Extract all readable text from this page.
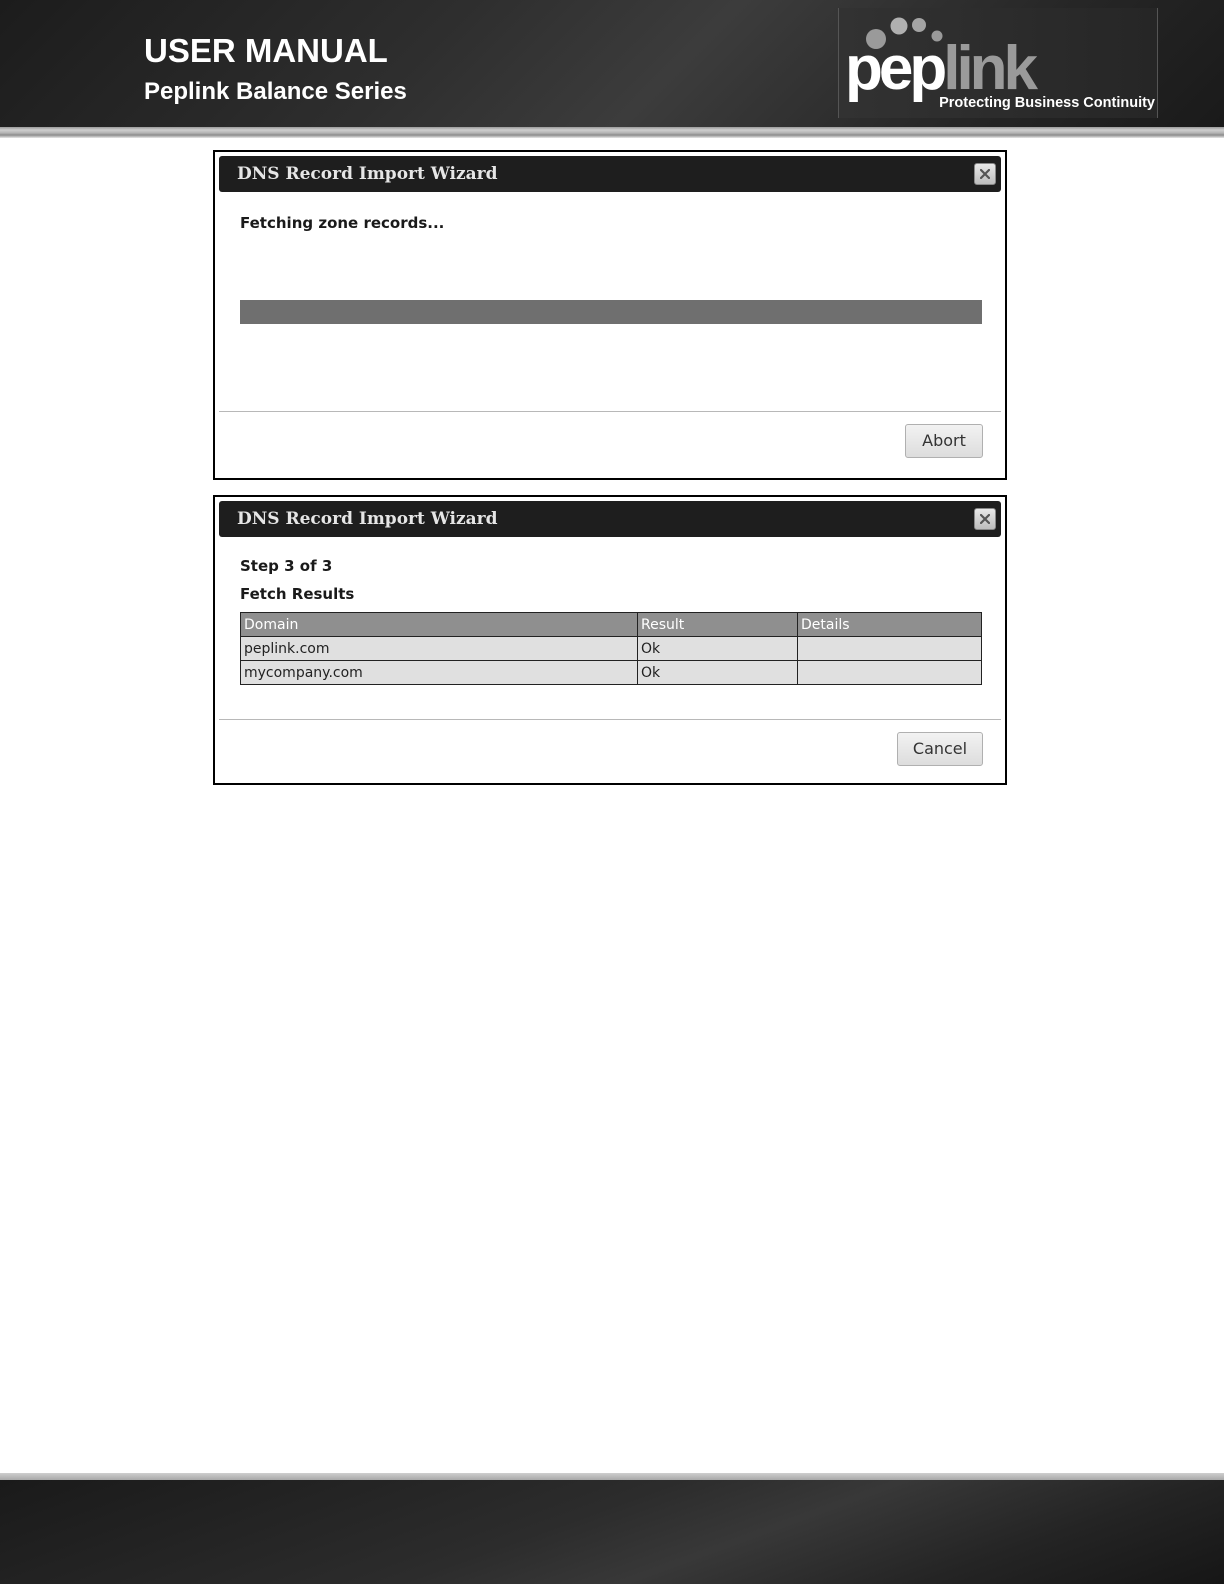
USER MANUAL
Peplink Balance Series	peplink
Protecting Business Continuity
DNS Record Import Wizard
Fetching zone records...
Abort
DNS Record Import Wizard
Step 3 of 3
Fetch Results
Domain	Result	Details
peplink.com	Ok	
mycompany.com	Ok	
Cancel
